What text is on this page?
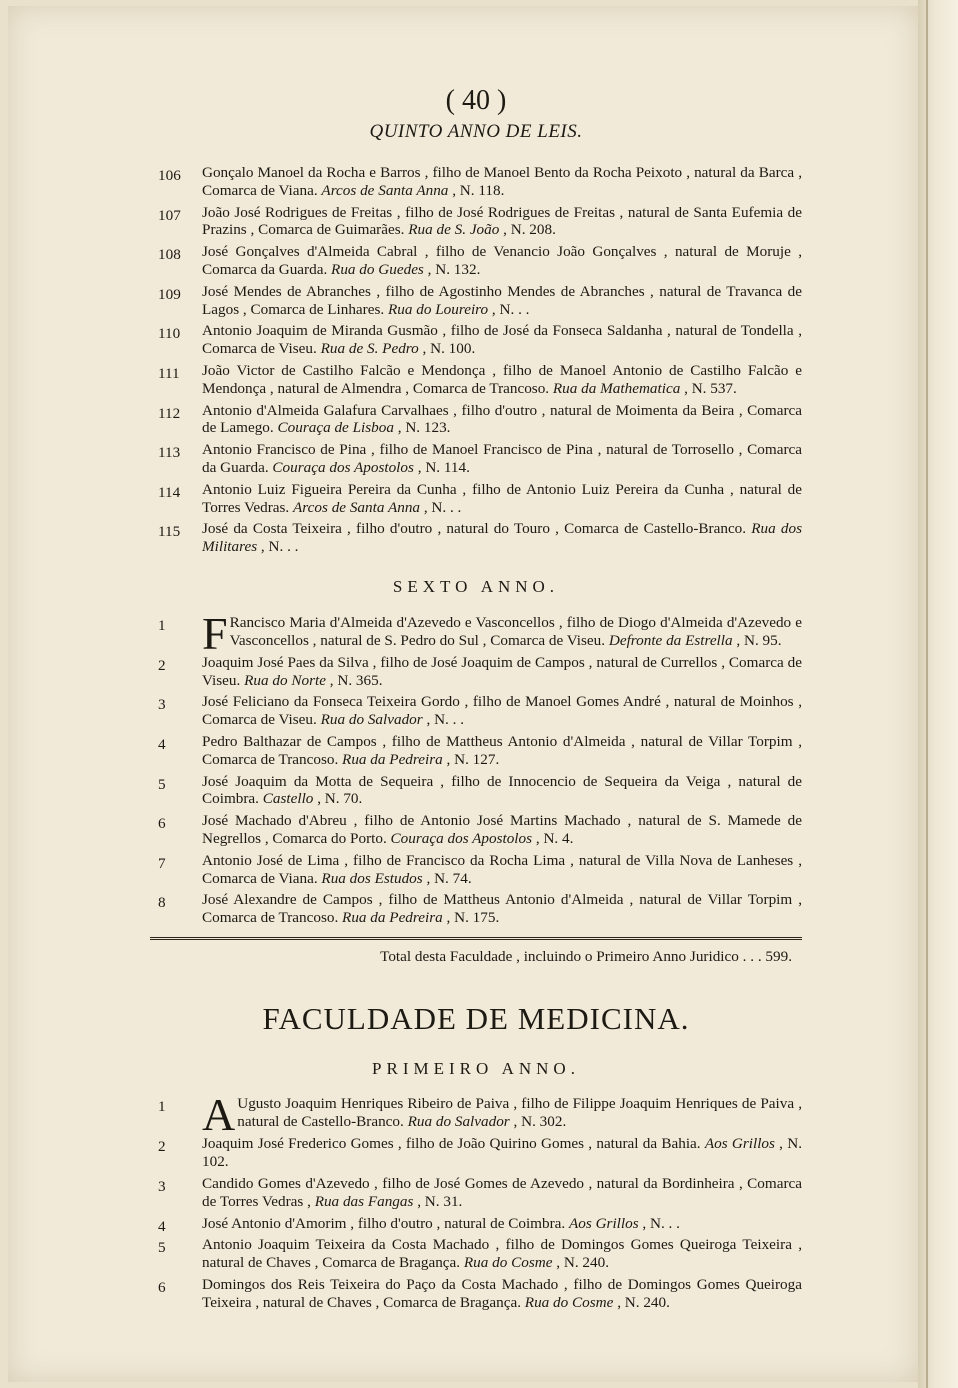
( 40 )
QUINTO ANNO DE LEIS.
106	Gonçalo Manoel da Rocha e Barros , filho de Manoel Bento da Rocha Peixoto , natural da Barca , Comarca de Viana. Arcos de Santa Anna , N. 118.
107	João José Rodrigues de Freitas , filho de José Rodrigues de Freitas , natural de Santa Eufemia de Prazins , Comarca de Guimarães. Rua de S. João , N. 208.
108	José Gonçalves d'Almeida Cabral , filho de Venancio João Gonçalves , natural de Moruje , Comarca da Guarda. Rua do Guedes , N. 132.
109	José Mendes de Abranches , filho de Agostinho Mendes de Abranches , natural de Travanca de Lagos , Comarca de Linhares. Rua do Loureiro , N. . .
110	Antonio Joaquim de Miranda Gusmão , filho de José da Fonseca Saldanha , natural de Tondella , Comarca de Viseu. Rua de S. Pedro , N. 100.
111	João Victor de Castilho Falcão e Mendonça , filho de Manoel Antonio de Castilho Falcão e Mendonça , natural de Almendra , Comarca de Trancoso. Rua da Mathematica , N. 537.
112	Antonio d'Almeida Galafura Carvalhaes , filho d'outro , natural de Moimenta da Beira , Comarca de Lamego. Couraça de Lisboa , N. 123.
113	Antonio Francisco de Pina , filho de Manoel Francisco de Pina , natural de Torrosello , Comarca da Guarda. Couraça dos Apostolos , N. 114.
114	Antonio Luiz Figueira Pereira da Cunha , filho de Antonio Luiz Pereira da Cunha , natural de Torres Vedras. Arcos de Santa Anna , N. . .
115	José da Costa Teixeira , filho d'outro , natural do Touro , Comarca de Castello-Branco. Rua dos Militares , N. . .
SEXTO ANNO.
1 F Rancisco Maria d'Almeida d'Azevedo e Vasconcellos , filho de Diogo d'Almeida d'Azevedo e Vasconcellos , natural de S. Pedro do Sul , Comarca de Viseu. Defronte da Estrella , N. 95.
2	Joaquim José Paes da Silva , filho de José Joaquim de Campos , natural de Currellos , Comarca de Viseu. Rua do Norte , N. 365.
3	José Feliciano da Fonseca Teixeira Gordo , filho de Manoel Gomes André , natural de Moinhos , Comarca de Viseu. Rua do Salvador , N. . .
4	Pedro Balthazar de Campos , filho de Mattheus Antonio d'Almeida , natural de Villar Torpim , Comarca de Trancoso. Rua da Pedreira , N. 127.
5	José Joaquim da Motta de Sequeira , filho de Innocencio de Sequeira da Veiga , natural de Coimbra. Castello , N. 70.
6	José Machado d'Abreu , filho de Antonio José Martins Machado , natural de S. Mamede de Negrellos , Comarca do Porto. Couraça dos Apostolos , N. 4.
7	Antonio José de Lima , filho de Francisco da Rocha Lima , natural de Villa Nova de Lanheses , Comarca de Viana. Rua dos Estudos , N. 74.
8	José Alexandre de Campos , filho de Mattheus Antonio d'Almeida , natural de Villar Torpim , Comarca de Trancoso. Rua da Pedreira , N. 175.
Total desta Faculdade , incluindo o Primeiro Anno Juridico . . . 599.
FACULDADE DE MEDICINA.
PRIMEIRO ANNO.
1 A Ugusto Joaquim Henriques Ribeiro de Paiva , filho de Filippe Joaquim Henriques de Paiva , natural de Castello-Branco. Rua do Salvador , N. 302.
2	Joaquim José Frederico Gomes , filho de João Quirino Gomes , natural da Bahia. Aos Grillos , N. 102.
3	Candido Gomes d'Azevedo , filho de José Gomes de Azevedo , natural da Bordinheira , Comarca de Torres Vedras , Rua das Fangas , N. 31.
4	José Antonio d'Amorim , filho d'outro , natural de Coimbra. Aos Grillos , N. . .
5	Antonio Joaquim Teixeira da Costa Machado , filho de Domingos Gomes Queiroga Teixeira , natural de Chaves , Comarca de Bragança. Rua do Cosme , N. 240.
6	Domingos dos Reis Teixeira do Paço da Costa Machado , filho de Domingos Gomes Queiroga Teixeira , natural de Chaves , Comarca de Bragança. Rua do Cosme , N. 240.
